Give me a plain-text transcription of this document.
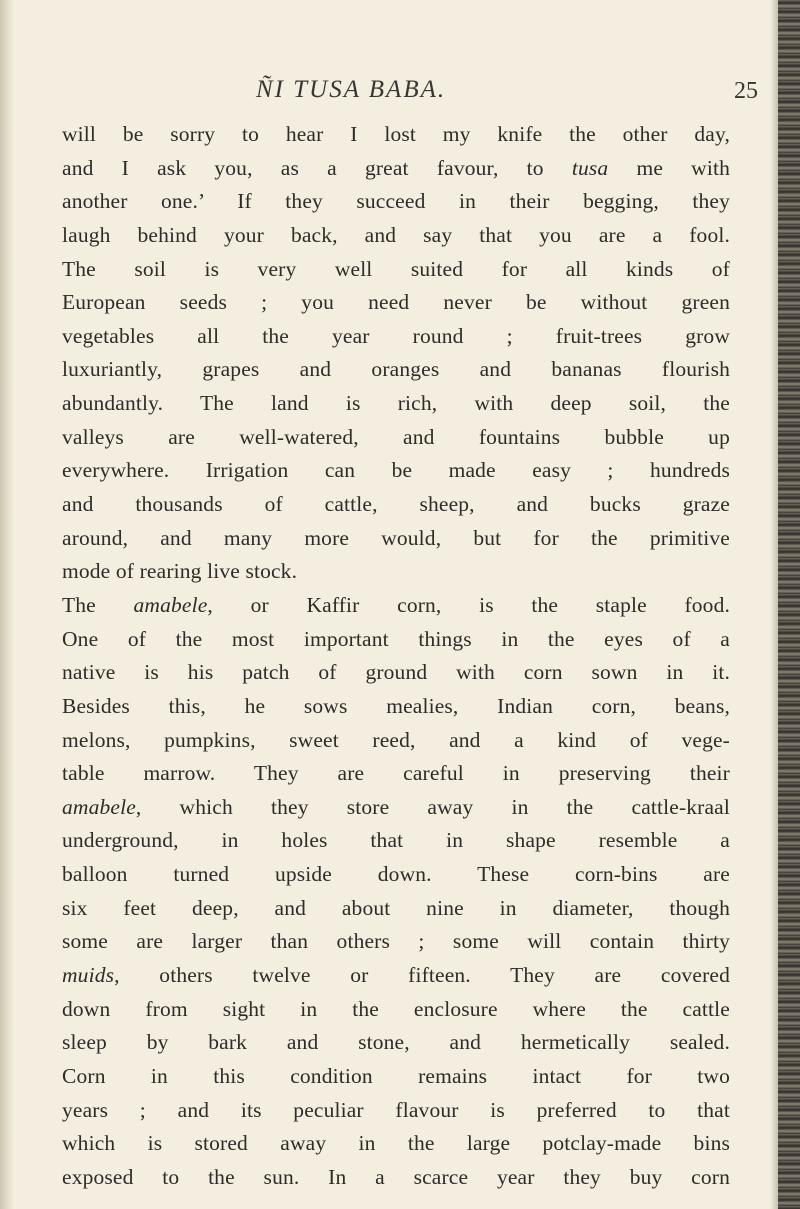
ÑI TUSA BABA.	25
will be sorry to hear I lost my knife the other day,
and I ask you, as a great favour, to tusa me with
another one.’ If they succeed in their begging, they
laugh behind your back, and say that you are a fool.
The soil is very well suited for all kinds of
European seeds ; you need never be without green
vegetables all the year round ; fruit-trees grow
luxuriantly, grapes and oranges and bananas flourish
abundantly. The land is rich, with deep soil, the
valleys are well-watered, and fountains bubble up
everywhere. Irrigation can be made easy ; hundreds
and thousands of cattle, sheep, and bucks graze
around, and many more would, but for the primitive
mode of rearing live stock.
The amabele, or Kaffir corn, is the staple food.
One of the most important things in the eyes of a
native is his patch of ground with corn sown in it.
Besides this, he sows mealies, Indian corn, beans,
melons, pumpkins, sweet reed, and a kind of vege-
table marrow. They are careful in preserving their
amabele, which they store away in the cattle-kraal
underground, in holes that in shape resemble a
balloon turned upside down. These corn-bins are
six feet deep, and about nine in diameter, though
some are larger than others ; some will contain thirty
muids, others twelve or fifteen. They are covered
down from sight in the enclosure where the cattle
sleep by bark and stone, and hermetically sealed.
Corn in this condition remains intact for two
years ; and its peculiar flavour is preferred to that
which is stored away in the large potclay-made bins
exposed to the sun. In a scarce year they buy corn
